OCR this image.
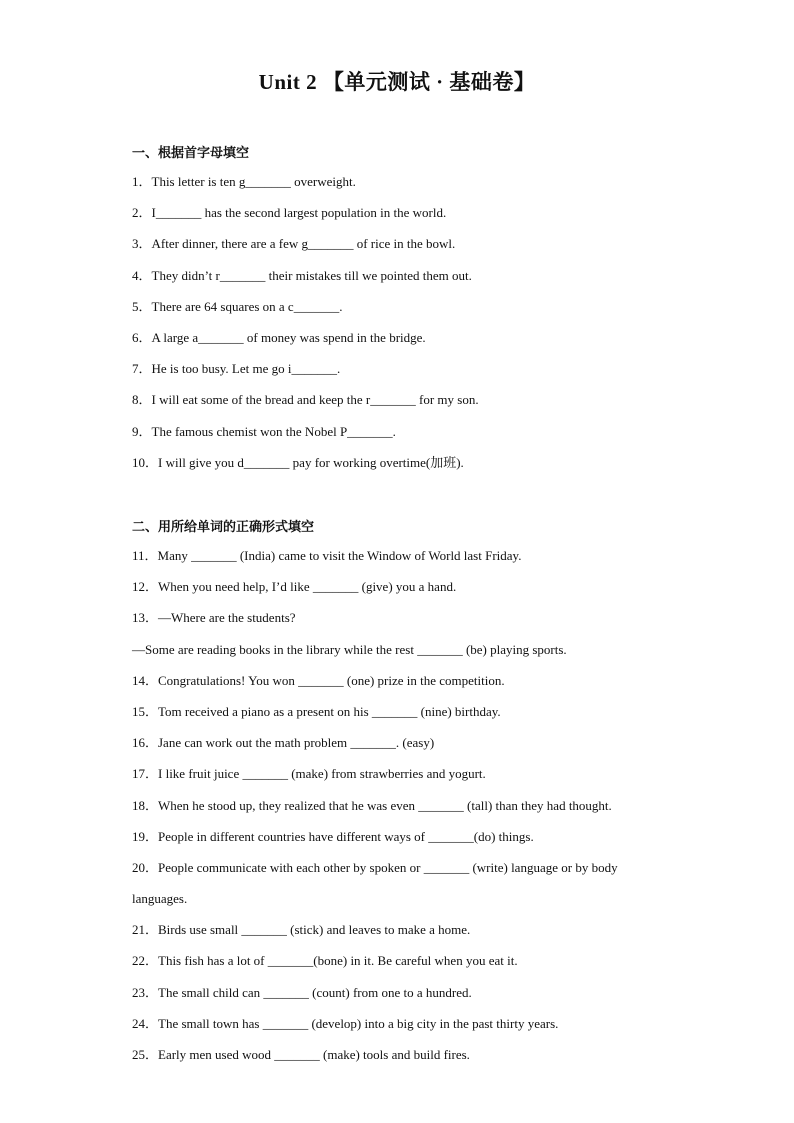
Unit 2 【单元测试 · 基础卷】
一、根据首字母填空
1．This letter is ten g_______ overweight.
2．I_______ has the second largest population in the world.
3．After dinner, there are a few g_______ of rice in the bowl.
4．They didn’t r_______ their mistakes till we pointed them out.
5．There are 64 squares on a c_______.
6．A large a_______ of money was spend in the bridge.
7．He is too busy. Let me go i_______.
8．I will eat some of the bread and keep the r_______ for my son.
9．The famous chemist won the Nobel P_______.
10．I will give you d_______ pay for working overtime(加班).
二、用所给单词的正确形式填空
11．Many _______ (India) came to visit the Window of World last Friday.
12．When you need help, I’d like _______ (give) you a hand.
13．—Where are the students?
—Some are reading books in the library while the rest _______ (be) playing sports.
14．Congratulations! You won _______ (one) prize in the competition.
15．Tom received a piano as a present on his _______ (nine) birthday.
16．Jane can work out the math problem _______. (easy)
17．I like fruit juice _______ (make) from strawberries and yogurt.
18．When he stood up, they realized that he was even _______ (tall) than they had thought.
19．People in different countries have different ways of _______(do) things.
20．People communicate with each other by spoken or _______ (write) language or by body
languages.
21．Birds use small _______ (stick) and leaves to make a home.
22．This fish has a lot of _______(bone) in it. Be careful when you eat it.
23．The small child can _______ (count) from one to a hundred.
24．The small town has _______ (develop) into a big city in the past thirty years.
25．Early men used wood _______ (make) tools and build fires.
